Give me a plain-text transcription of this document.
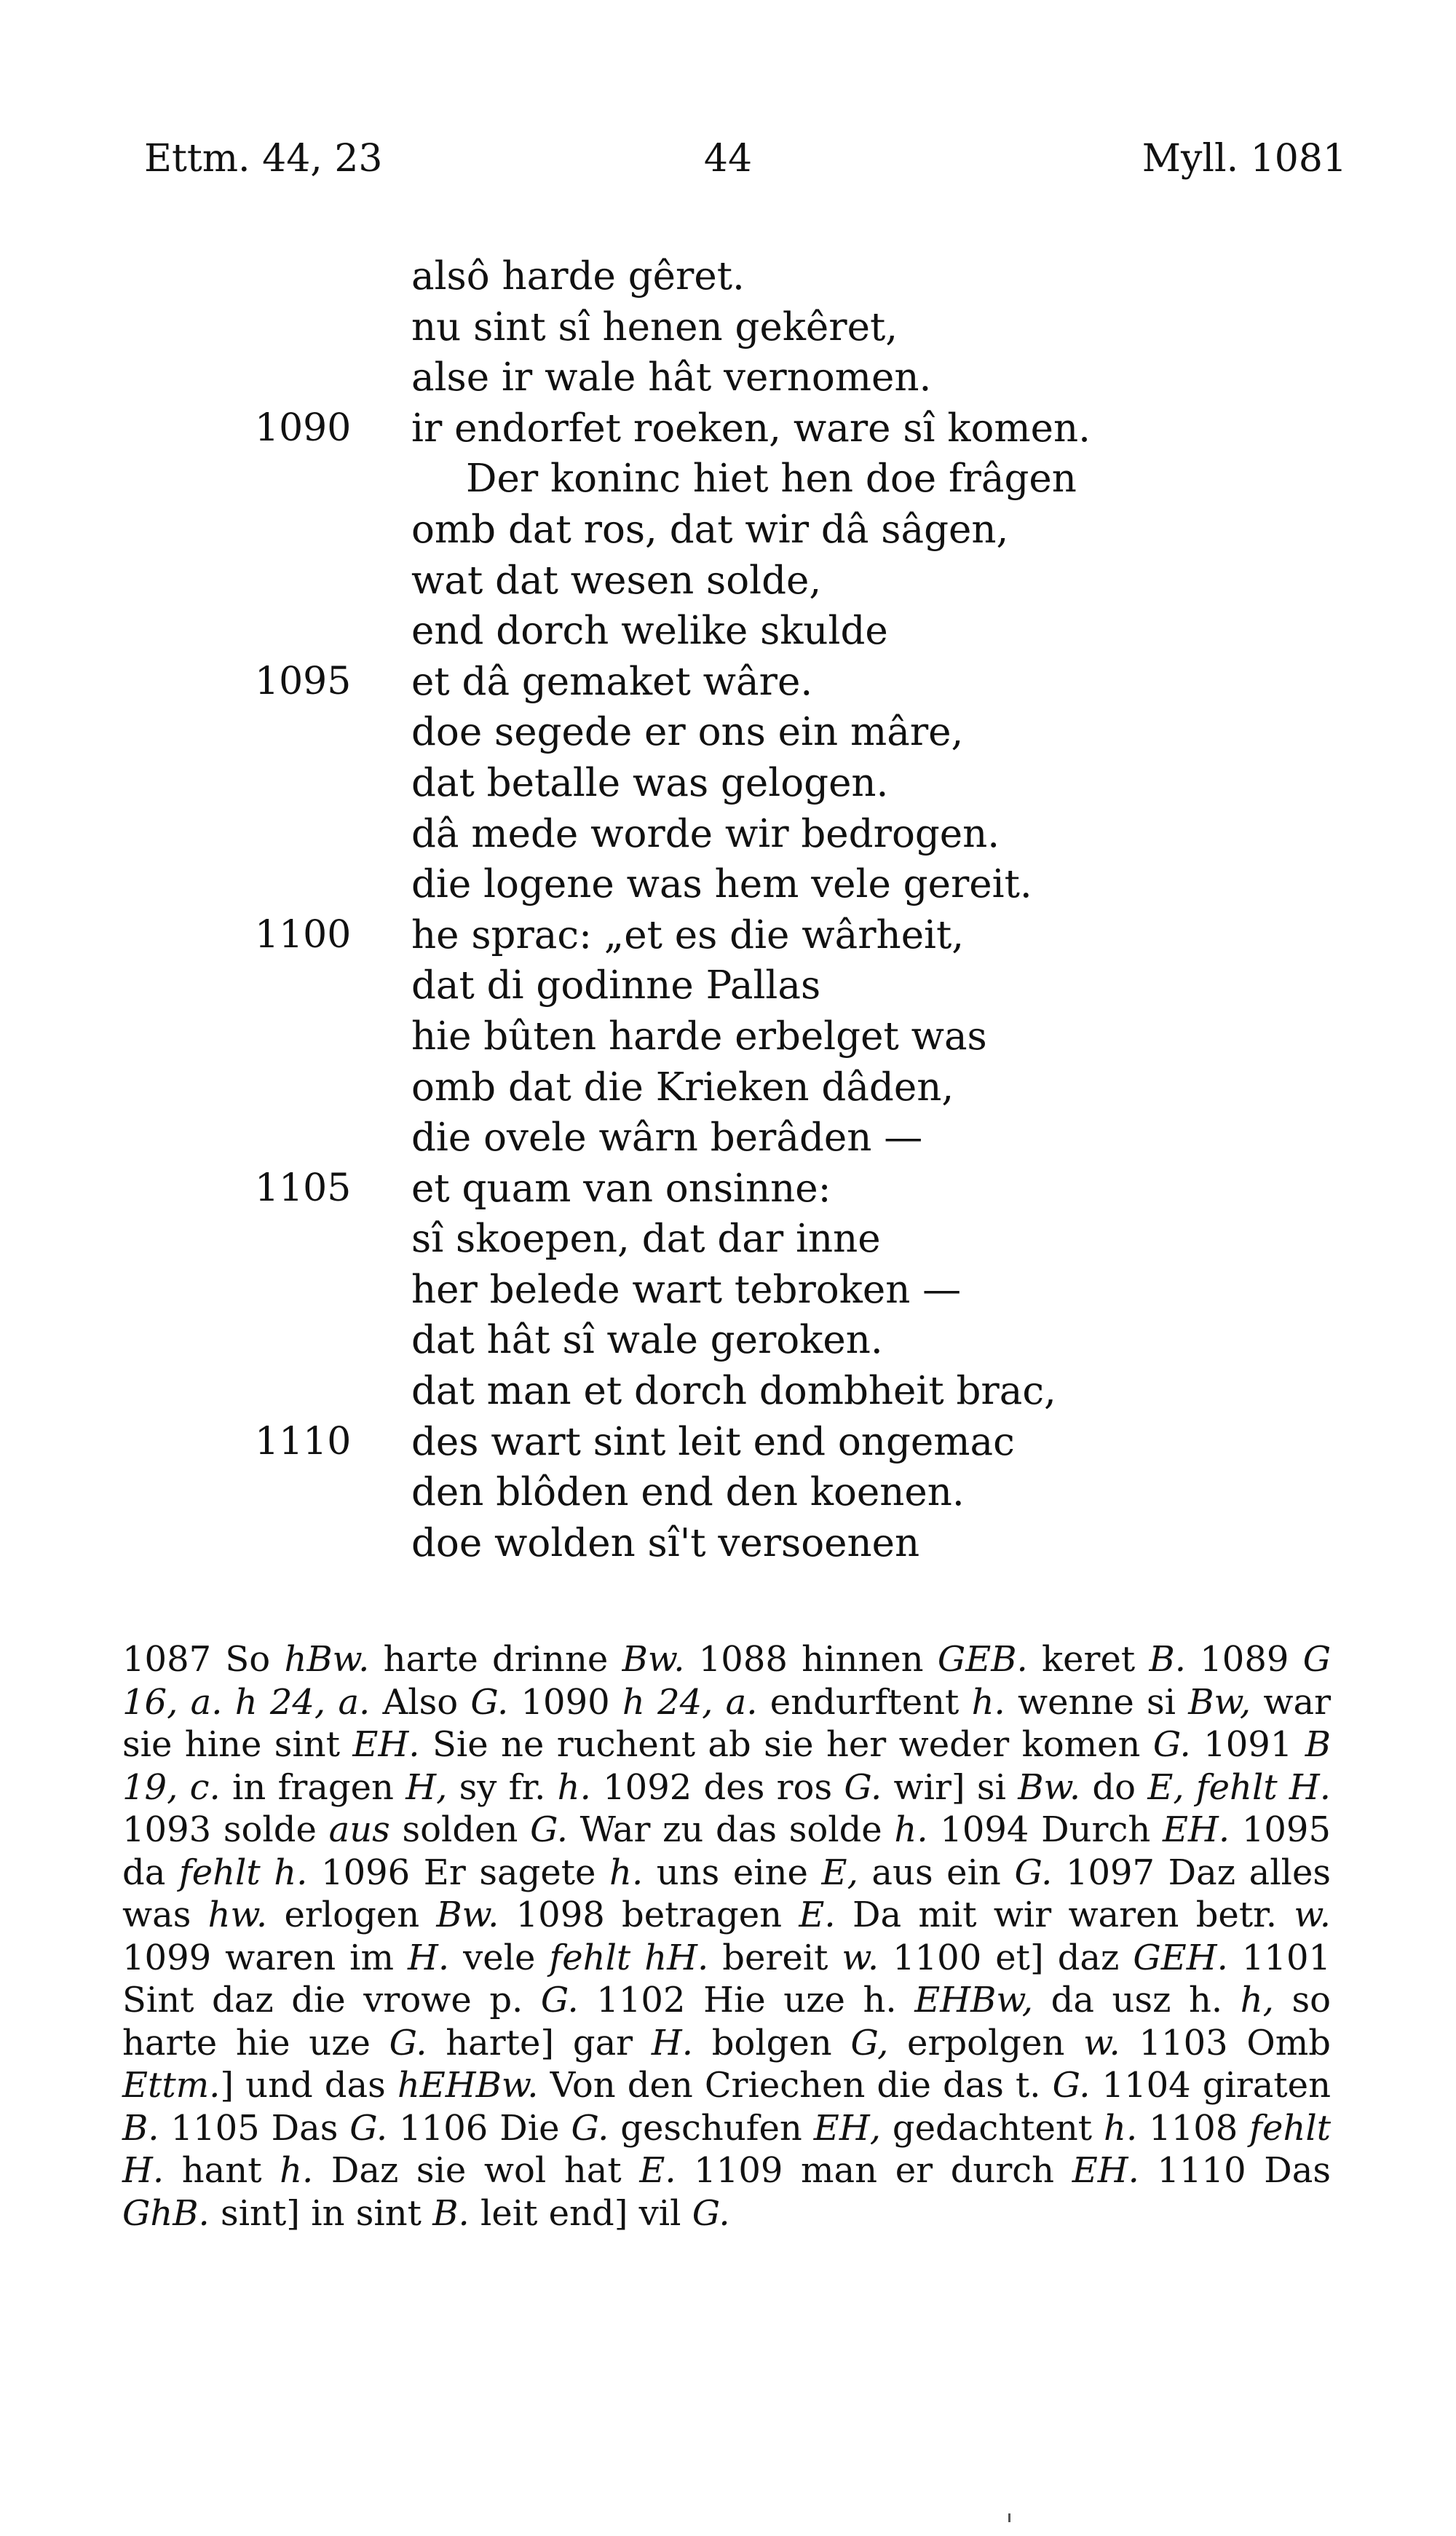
Ettm. 44, 23	44	Myll. 1081
alsô harde gêret.
nu sint sî henen gekêret,
alse ir wale hât vernomen.
1090	ir endorfet roeken, ware sî komen.
Der koninc hiet hen doe frâgen
omb dat ros, dat wir dâ sâgen,
wat dat wesen solde,
end dorch welike skulde
1095	et dâ gemaket wâre.
doe segede er ons ein mâre,
dat betalle was gelogen.
dâ mede worde wir bedrogen.
die logene was hem vele gereit.
1100	he sprac: „et es die wârheit,
dat di godinne Pallas
hie bûten harde erbelget was
omb dat die Krieken dâden,
die ovele wârn berâden —
1105	et quam van onsinne:
sî skoepen, dat dar inne
her belede wart tebroken —
dat hât sî wale geroken.
dat man et dorch dombheit brac,
1110	des wart sint leit end ongemac
den blôden end den koenen.
doe wolden sî't versoenen
1087 So hBw. harte drinne Bw. 1088 hinnen GEB. keret B. 1089 G 16, a. h 24, a. Also G. 1090 h 24, a. endurftent h. wenne si Bw, war sie hine sint EH. Sie ne ruchent ab sie her weder komen G. 1091 B 19, c. in fragen H, sy fr. h. 1092 des ros G. wir] si Bw. do E, fehlt H. 1093 solde aus solden G. War zu das solde h. 1094 Durch EH. 1095 da fehlt h. 1096 Er sagete h. uns eine E, aus ein G. 1097 Daz alles was hw. erlogen Bw. 1098 betragen E. Da mit wir waren betr. w. 1099 waren im H. vele fehlt hH. bereit w. 1100 et] daz GEH. 1101 Sint daz die vrowe p. G. 1102 Hie uze h. EHBw, da usz h. h, so harte hie uze G. harte] gar H. bolgen G, erpolgen w. 1103 Omb Ettm.] und das hEHBw. Von den Criechen die das t. G. 1104 giraten B. 1105 Das G. 1106 Die G. geschufen EH, gedachtent h. 1108 fehlt H. hant h. Daz sie wol hat E. 1109 man er durch EH. 1110 Das GhB. sint] in sint B. leit end] vil G.
